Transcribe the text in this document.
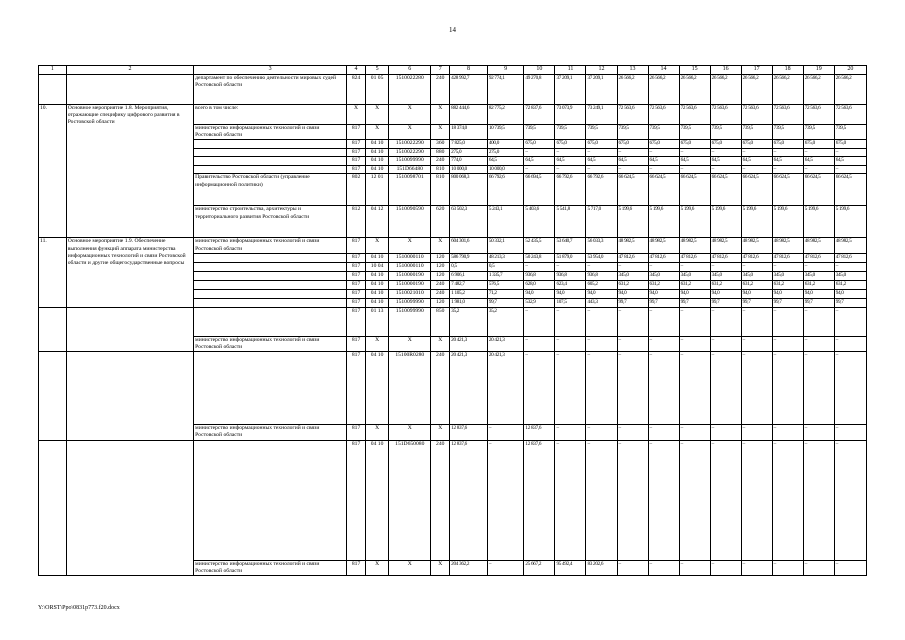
14
1	2	3	4	5	6	7	8	9	10	11	12	13	14	15	16	17	18	19	20
		департамент по обеспечению деятельности мировых судей Ростовской области	824	01 05	1510022280	240	428 992,7	92 774,1	49 270,8	37 209,1	37 209,1	26 566,2	26 566,2	26 566,2	26 566,2	26 566,2	26 566,2	26 566,2	26 566,2
10.	Основное мероприятие 1.8. Мероприятия, отражающие специфику цифрового развития в Ростовской области	всего в том числе:	X	X	X	X	882 444,6	82 775,2	72 837,6	73 073,9	73 249,1	72 563,6	72 563,6	72 563,6	72 563,6	72 563,6	72 563,6	72 563,6	72 563,6
		министерство информационных технологий и связи Ростовской области	817	X	X	X	18 374,0	10 739,5	739,5	739,5	739,5	739,5	739,5	739,5	739,5	739,5	739,5	739,5	739,5
			817	04 10	1510022290	360	7 825,0	400,0	675,0	675,0	675,0	675,0	675,0	675,0	675,0	675,0	675,0	675,0	675,0
			817	04 10	1510022290	880	275,0	275,0	–	–	–	–	–	–	–	–	–	–	–
			817	04 10	1510099990	240	774,0	64,5	64,5	64,5	64,5	64,5	64,5	64,5	64,5	64,5	64,5	64,5	64,5
			817	04 10	151D66480	810	10 000,0	10 000,0	–	–	–	–	–	–	–	–	–	–	–
		Правительство Ростовской области (управление информационной политики)	802	12 01	1510098701	810	800 068,3	66 792,6	66 694,5	66 792,6	66 792,6	66 624,5	66 624,5	66 624,5	66 624,5	66 624,5	66 624,5	66 624,5	66 624,5
		министерство строительства, архитектуры и территориального развития Ростовской области	812	04 12	1510090590	620	63 502,3	5 243,1	5 403,6	5 541,8	5 717,0	5 199,6	5 199,6	5 199,6	5 199,6	5 199,6	5 199,6	5 199,6	5 199,6
11.	Основное мероприятие 1.9. Обеспечение выполнения функций аппарата министерства информационных технологий и связи Ростовской области и другие общегосударственные вопросы	министерство информационных технологий и связи Ростовской области	817	X	X	X	604 301,6	50 332,1	52 435,5	53 640,7	56 033,3	48 982,5	48 982,5	48 982,5	48 982,5	48 982,5	48 982,5	48 982,5	48 982,5
			817	04 10	1510000110	120	586 790,9	48 213,3	50 243,8	51 879,0	53 954,0	47 812,6	47 812,6	47 812,6	47 812,6	47 812,6	47 812,6	47 812,6	47 812,6
			817	10 04	1510000110	120	0,5	0,5	–	–	–	–	–	–	–	–	–	–	–
			817	04 10	1510000190	120	6 906,1	1 335,7	936,8	936,8	936,8	345,0	345,0	345,0	345,0	345,0	345,0	345,0	345,0
			817	04 10	1510000190	240	7 482,7	576,5	628,0	623,4	605,2	631,2	631,2	631,2	631,2	631,2	631,2	631,2	631,2
			817	04 10	1510021010	240	1 105,2	71,2	94,0	94,0	94,0	94,0	94,0	94,0	94,0	94,0	94,0	94,0	94,0
			817	04 10	1510099990	120	1 981,0	99,7	532,9	107,5	443,3	99,7	99,7	99,7	99,7	99,7	99,7	99,7	99,7
			817	01 13	1510099990	850	35,2	35,2	–	–	–	–	–	–	–	–	–	–	–
		министерство информационных технологий и связи Ростовской области	817	X	X	X	20 421,3	20 421,3	–	–	–	–	–	–	–	–	–	–	–
			817	04 10	15100R0280	240	20 421,3	20 421,3	–	–	–	–	–	–	–	–	–	–	–
		министерство информационных технологий и связи Ростовской области	817	X	X	X	12 837,6	–	12 837,6	–	–	–	–	–	–	–	–	–	–
			817	04 10	151D650080	240	12 837,6	–	12 837,6	–	–	–	–	–	–	–	–	–	–
		министерство информационных технологий и связи Ростовской области	817	X	X	X	204 362,2	–	25 667,2	95 492,4	83 202,6	–	–	–	–	–	–	–	–
Y:\ORST\Ppo\0831p773.f20.docx
